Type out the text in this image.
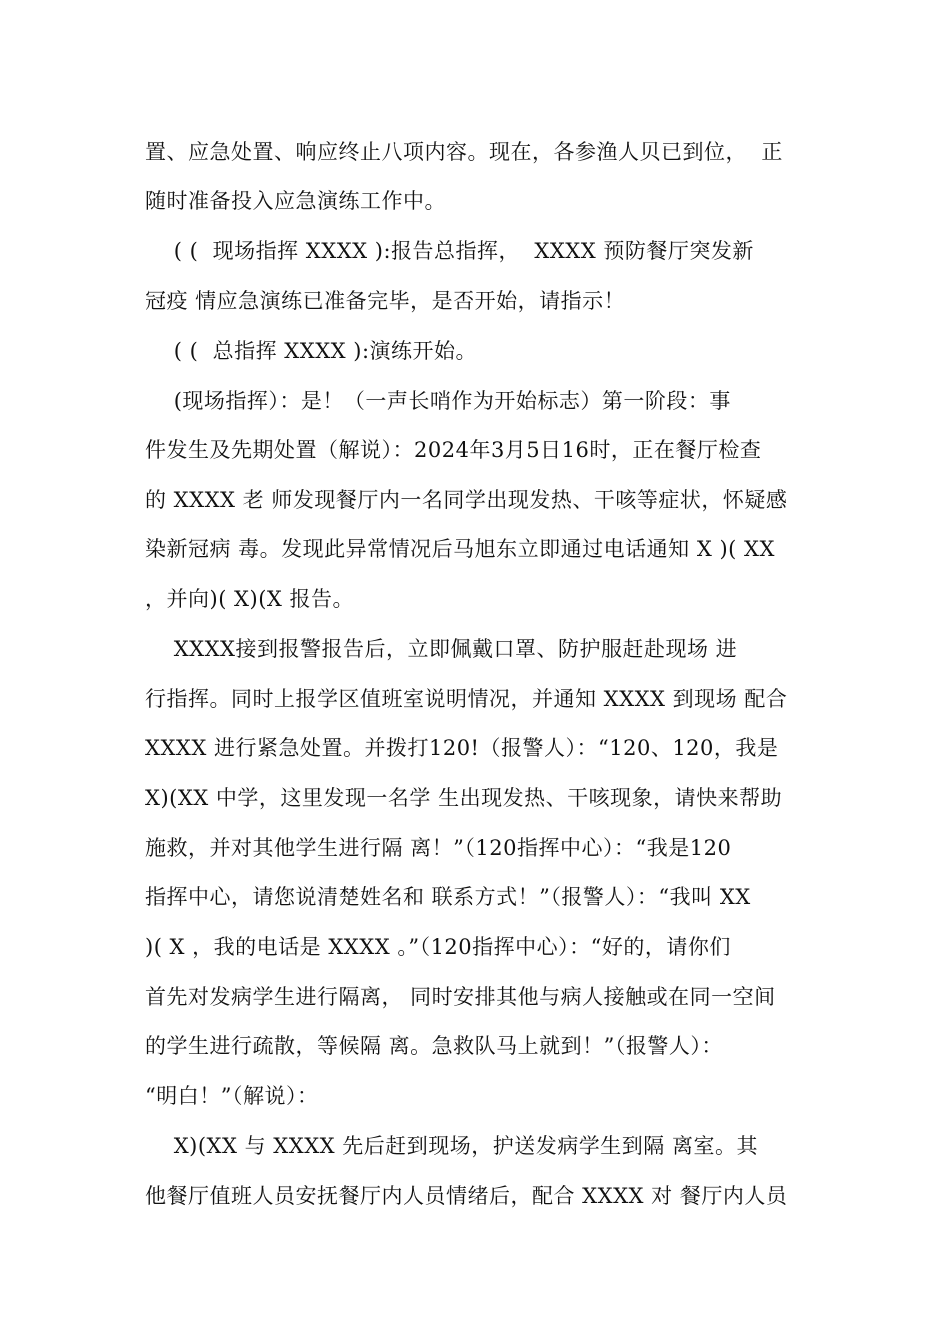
置、应急处置、响应终止八项内容。现在，各参渔人贝已到位，  正
随时准备投入应急演练工作中。
( (  现场指挥 XXXX ):报告总指挥，  XXXX 预防餐厅突发新
冠疫 情应急演练已准备完毕，是否开始，请指示！
( (  总指挥 XXXX ):演练开始。
(现场指挥）：是！（一声长哨作为开始标志）第一阶段：事
件发生及先期处置（解说）：2024年3月5日16时，正在餐厅检查
的 XXXX 老 师发现餐厅内一名同学出现发热、干咳等症状，怀疑感
染新冠病 毒。发现此异常情况后马旭东立即通过电话通知 X )( XX
，并向)( X)(X 报告。
XXXX接到报警报告后，立即佩戴口罩、防护服赶赴现场 进
行指挥。同时上报学区值班室说明情况，并通知 XXXX 到现场 配合
XXXX 进行紧急处置。并拨打120!（报警人）：“120、120，我是
X)(XX 中学，这里发现一名学 生出现发热、干咳现象，请快来帮助
施救，并对其他学生进行隔 离！”（120指挥中心）：“我是120
指挥中心，请您说清楚姓名和 联系方式！”（报警人）：“我叫 XX
)( X ，我的电话是 XXXX 。”（120指挥中心）：“好的，请你们
首先对发病学生进行隔离， 同时安排其他与病人接触或在同一空间
的学生进行疏散，等候隔 离。急救队马上就到！”（报警人）：
“明白！”（解说）：
X)(XX 与 XXXX 先后赶到现场，护送发病学生到隔 离室。其
他餐厅值班人员安抚餐厅内人员情绪后，配合 XXXX 对 餐厅内人员
